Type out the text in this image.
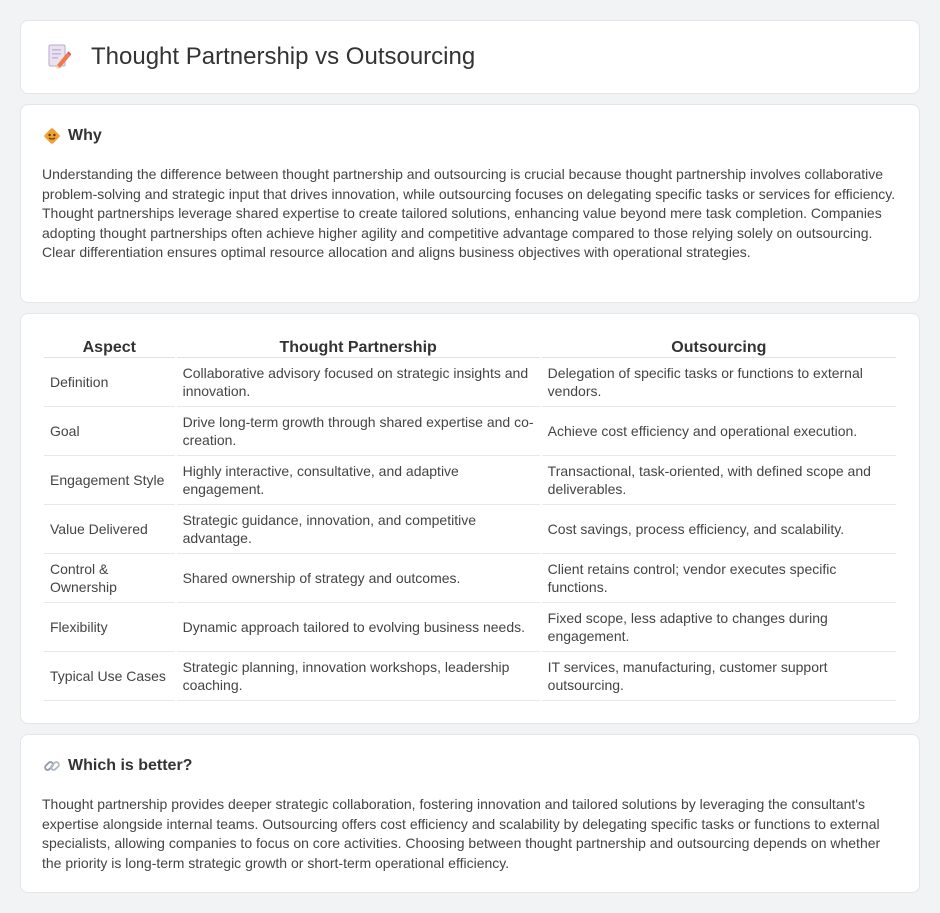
Thought Partnership vs Outsourcing
Why

Understanding the difference between thought partnership and outsourcing is crucial because thought partnership involves collaborative problem-solving and strategic input that drives innovation, while outsourcing focuses on delegating specific tasks or services for efficiency. Thought partnerships leverage shared expertise to create tailored solutions, enhancing value beyond mere task completion. Companies adopting thought partnerships often achieve higher agility and competitive advantage compared to those relying solely on outsourcing. Clear differentiation ensures optimal resource allocation and aligns business objectives with operational strategies.

Aspect	Thought Partnership	Outsourcing
Definition	Collaborative advisory focused on strategic insights and innovation.	Delegation of specific tasks or functions to external vendors.
Goal	Drive long-term growth through shared expertise and co-creation.	Achieve cost efficiency and operational execution.
Engagement Style	Highly interactive, consultative, and adaptive engagement.	Transactional, task-oriented, with defined scope and deliverables.
Value Delivered	Strategic guidance, innovation, and competitive advantage.	Cost savings, process efficiency, and scalability.
Control & Ownership	Shared ownership of strategy and outcomes.	Client retains control; vendor executes specific functions.
Flexibility	Dynamic approach tailored to evolving business needs.	Fixed scope, less adaptive to changes during engagement.
Typical Use Cases	Strategic planning, innovation workshops, leadership coaching.	IT services, manufacturing, customer support outsourcing.
Which is better?

Thought partnership provides deeper strategic collaboration, fostering innovation and tailored solutions by leveraging the consultant's expertise alongside internal teams. Outsourcing offers cost efficiency and scalability by delegating specific tasks or functions to external specialists, allowing companies to focus on core activities. Choosing between thought partnership and outsourcing depends on whether the priority is long-term strategic growth or short-term operational efficiency.
